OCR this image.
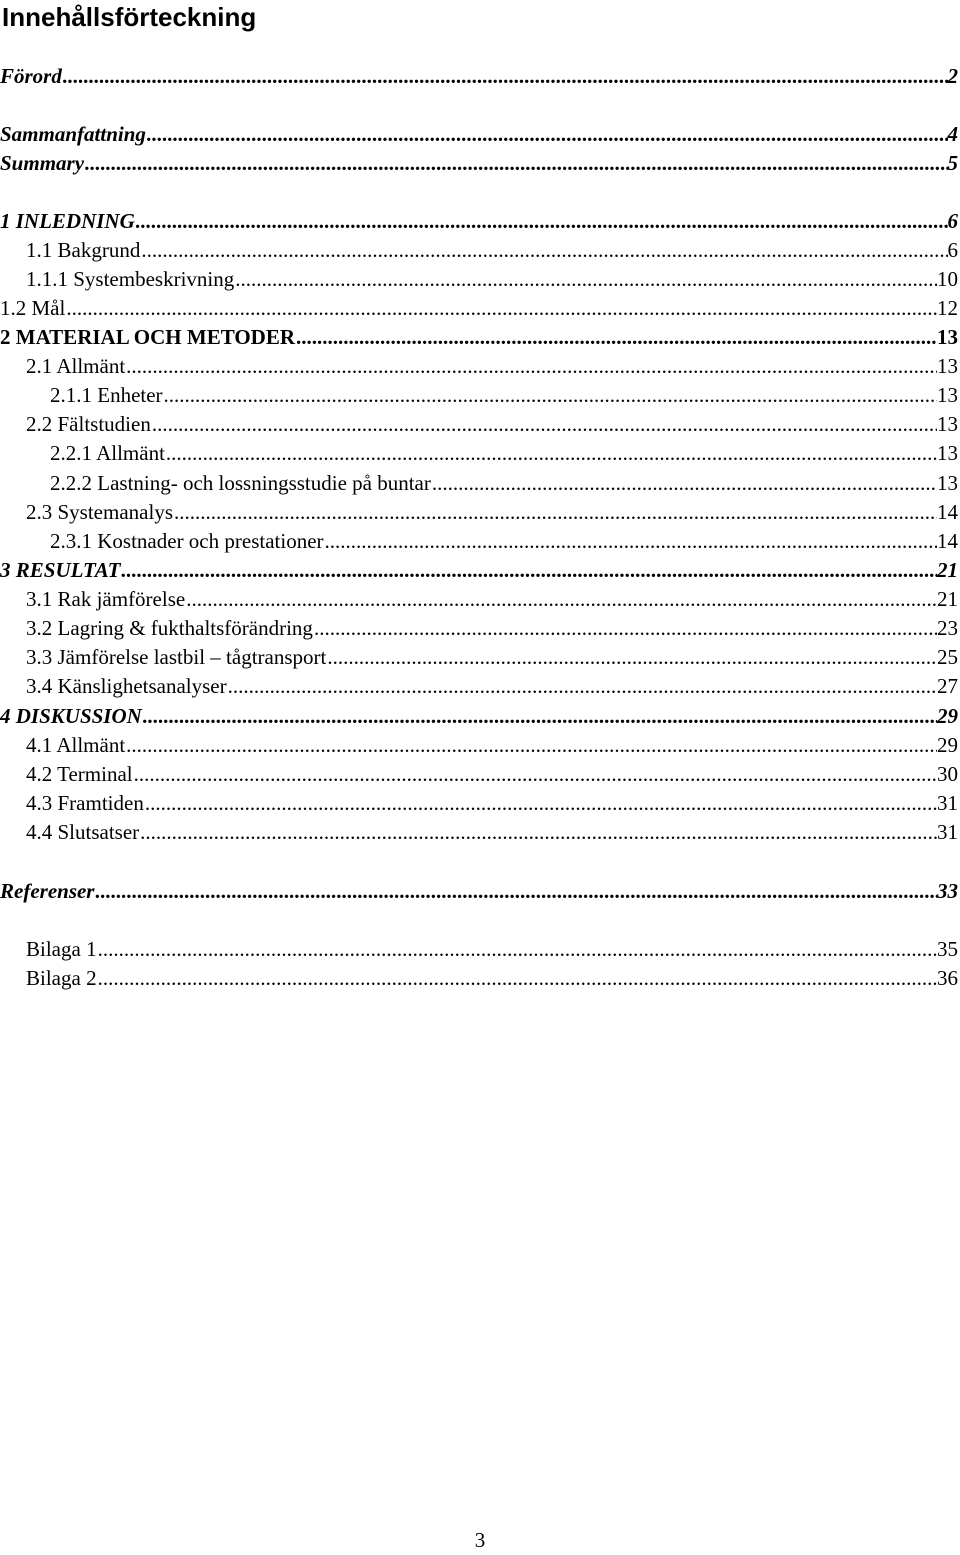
Innehållsförteckning
Förord .....	2
Sammanfattning .....	4
Summary .....	5
1 INLEDNING .....	6
1.1 Bakgrund .....	6
1.1.1 Systembeskrivning .....	10
1.2 Mål .....	12
2 MATERIAL OCH METODER .....	13
2.1 Allmänt .....	13
2.1.1 Enheter .....	13
2.2 Fältstudien .....	13
2.2.1 Allmänt .....	13
2.2.2 Lastning- och lossningsstudie på buntar .....	13
2.3 Systemanalys .....	14
2.3.1 Kostnader och prestationer .....	14
3 RESULTAT .....	21
3.1 Rak jämförelse .....	21
3.2 Lagring & fukthaltsförändring .....	23
3.3 Jämförelse lastbil – tågtransport .....	25
3.4 Känslighetsanalyser .....	27
4 DISKUSSION .....	29
4.1 Allmänt .....	29
4.2 Terminal .....	30
4.3 Framtiden .....	31
4.4 Slutsatser .....	31
Referenser .....	33
Bilaga 1 .....	35
Bilaga 2 .....	36

3
